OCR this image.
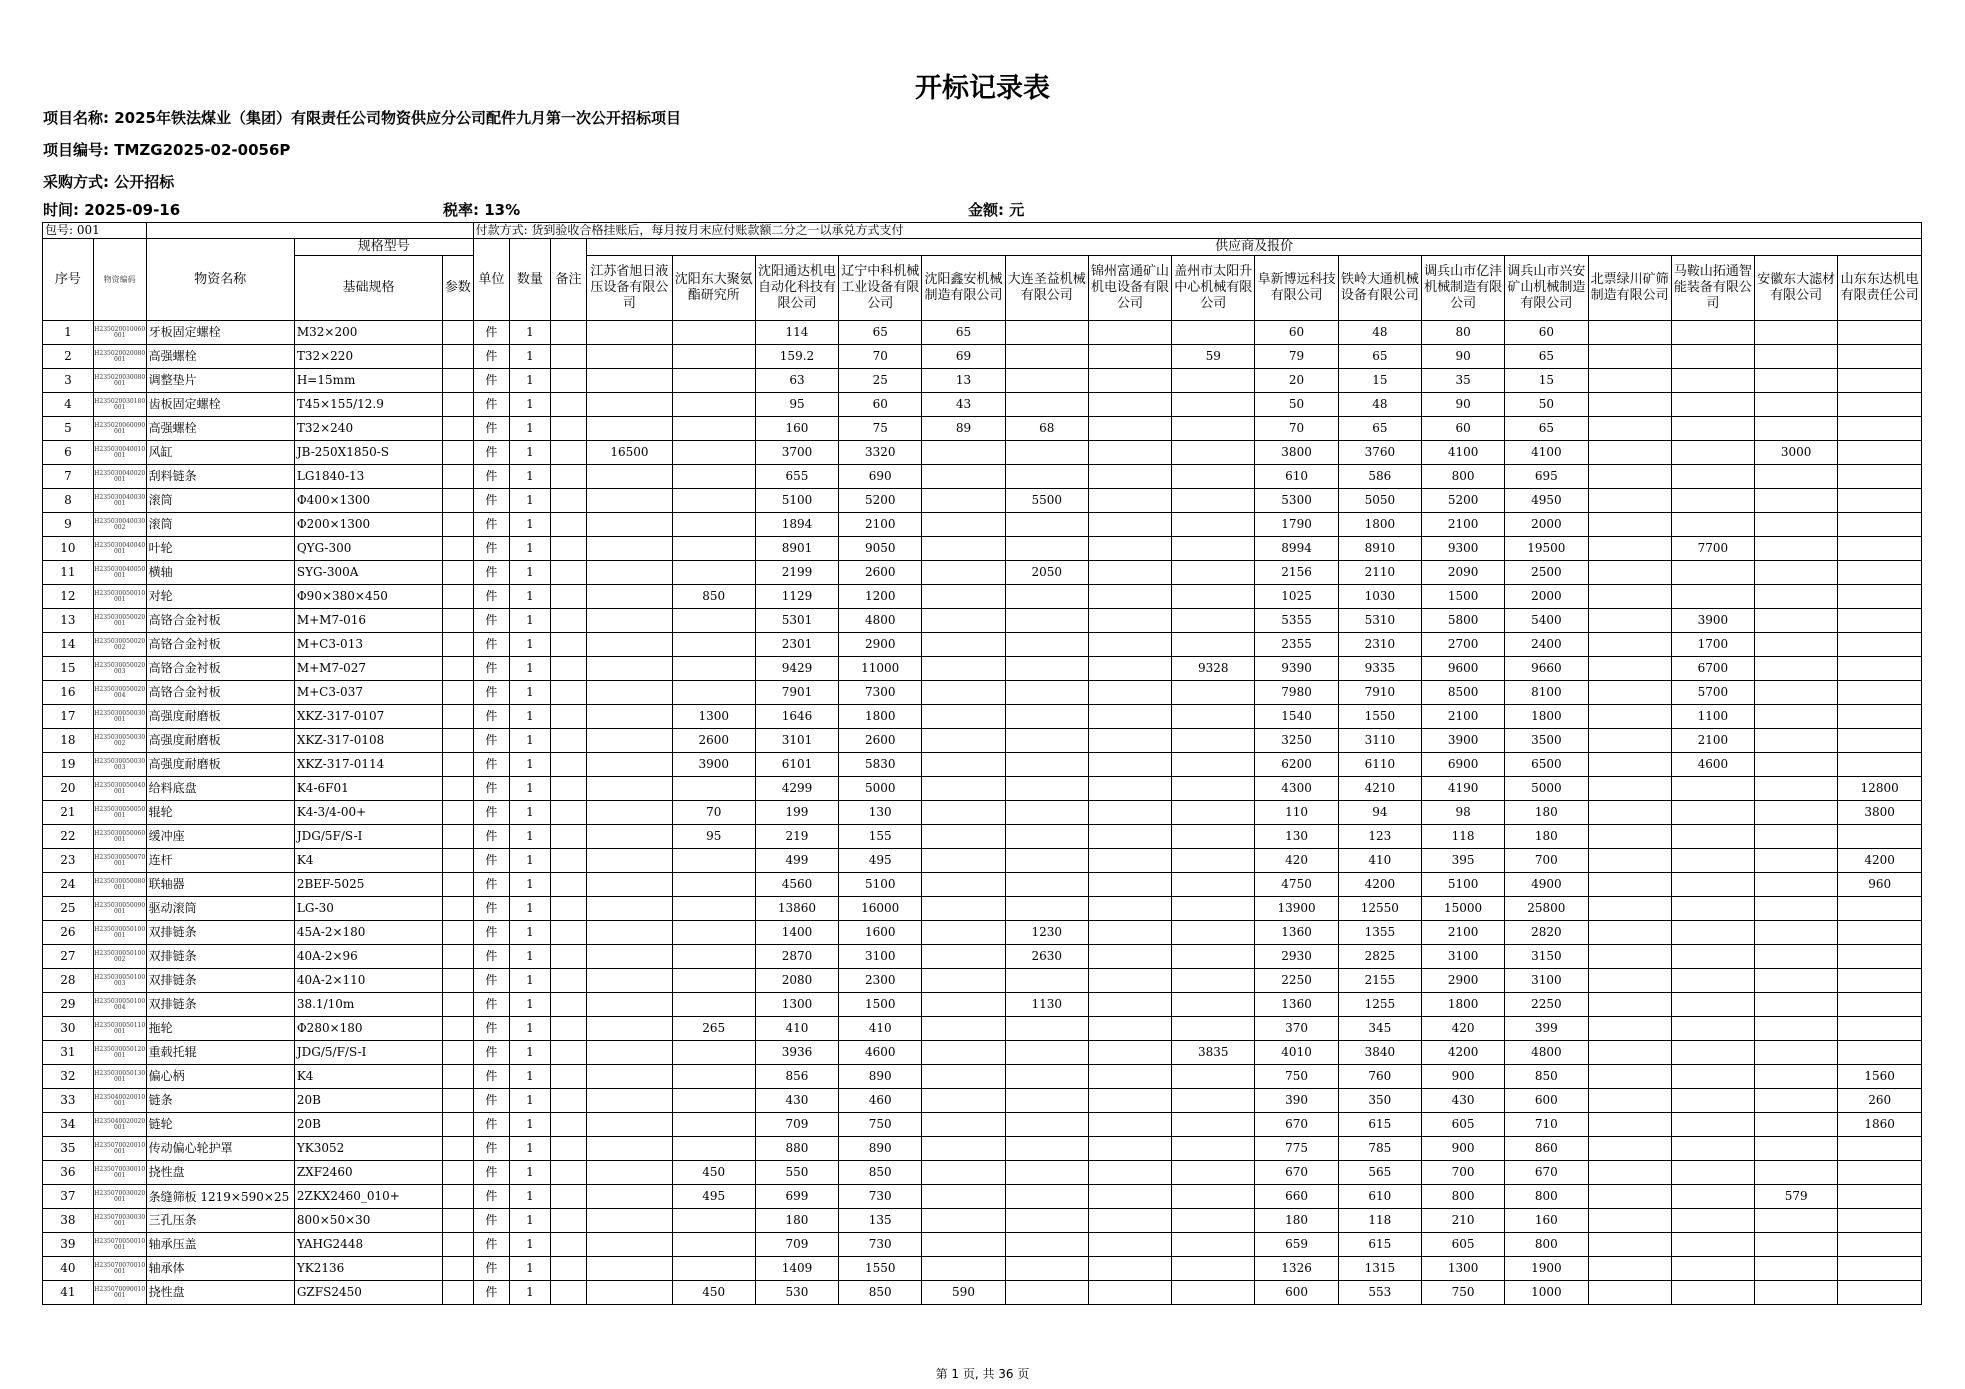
开标记录表
项目名称: 2025年铁法煤业（集团）有限责任公司物资供应分公司配件九月第一次公开招标项目
项目编号: TMZG2025-02-0056P
采购方式: 公开招标
时间: 2025-09-16	税率: 13%	金额: 元
包号: 001					付款方式: 货到验收合格挂账后，每月按月末应付账款额二分之一以承兑方式支付																		
序号	物资编码	物资名称	规格型号		单位	数量	备注	供应商及报价															
			基础规格	参数				江苏省旭日液压设备有限公司	沈阳东大聚氨酯研究所	沈阳通达机电自动化科技有限公司	辽宁中科机械工业设备有限公司	沈阳鑫安机械制造有限公司	大连圣益机械有限公司	锦州富通矿山机电设备有限公司	盖州市太阳升中心机械有限公司	阜新博远科技有限公司	铁岭大通机械设备有限公司	调兵山市亿沣机械制造有限公司	调兵山市兴安矿山机械制造有限公司	北票绿川矿筛制造有限公司	马鞍山拓通智能装备有限公司	安徽东大滤材有限公司	山东东达机电有限责任公司

1	H235020010060001	牙板固定螺栓	M32×200		件	1				114	65	65				60	48	80	60				
2	H235020020080001	高强螺栓	T32×220		件	1				159.2	70	69			59	79	65	90	65				
3	H235020030080001	调整垫片	H=15mm		件	1				63	25	13				20	15	35	15				
4	H235020030180001	齿板固定螺栓	T45×155/12.9		件	1				95	60	43				50	48	90	50				
5	H235020060090001	高强螺栓	T32×240		件	1				160	75	89	68			70	65	60	65				
6	H235030040010001	风缸	JB-250X1850-S		件	1		16500		3700	3320					3800	3760	4100	4100			3000	
7	H235030040020001	刮料链条	LG1840-13		件	1				655	690					610	586	800	695				
8	H235030040030001	滚筒	Φ400×1300		件	1				5100	5200		5500			5300	5050	5200	4950				
9	H235030040030002	滚筒	Φ200×1300		件	1				1894	2100					1790	1800	2100	2000				
10	H235030040040001	叶轮	QYG-300		件	1				8901	9050					8994	8910	9300	19500		7700		
11	H235030040050001	横轴	SYG-300A		件	1				2199	2600		2050			2156	2110	2090	2500				
12	H235030050010001	对轮	Φ90×380×450		件	1			850	1129	1200					1025	1030	1500	2000				
13	H235030050020001	高铬合金衬板	M+M7-016		件	1				5301	4800					5355	5310	5800	5400		3900		
14	H235030050020002	高铬合金衬板	M+C3-013		件	1				2301	2900					2355	2310	2700	2400		1700		
15	H235030050020003	高铬合金衬板	M+M7-027		件	1				9429	11000				9328	9390	9335	9600	9660		6700		
16	H235030050020004	高铬合金衬板	M+C3-037		件	1				7901	7300					7980	7910	8500	8100		5700		
17	H235030050030001	高强度耐磨板	XKZ-317-0107		件	1			1300	1646	1800					1540	1550	2100	1800		1100		
18	H235030050030002	高强度耐磨板	XKZ-317-0108		件	1			2600	3101	2600					3250	3110	3900	3500		2100		
19	H235030050030003	高强度耐磨板	XKZ-317-0114		件	1			3900	6101	5830					6200	6110	6900	6500		4600		
20	H235030050040001	给料底盘	K4-6F01		件	1				4299	5000					4300	4210	4190	5000				12800
21	H235030050050001	辊轮	K4-3/4-00+		件	1			70	199	130					110	94	98	180				3800
22	H235030050060001	缓冲座	JDG/5F/S-I		件	1			95	219	155					130	123	118	180				
23	H235030050070001	连杆	K4		件	1				499	495					420	410	395	700				4200
24	H235030050080001	联轴器	2BEF-5025		件	1				4560	5100					4750	4200	5100	4900				960
25	H235030050090001	驱动滚筒	LG-30		件	1				13860	16000					13900	12550	15000	25800				
26	H235030050100001	双排链条	45A-2×180		件	1				1400	1600		1230			1360	1355	2100	2820				
27	H235030050100002	双排链条	40A-2×96		件	1				2870	3100		2630			2930	2825	3100	3150				
28	H235030050100003	双排链条	40A-2×110		件	1				2080	2300					2250	2155	2900	3100				
29	H235030050100004	双排链条	38.1/10m		件	1				1300	1500		1130			1360	1255	1800	2250				
30	H235030050110001	拖轮	Φ280×180		件	1			265	410	410					370	345	420	399				
31	H235030050120001	重载托辊	JDG/5/F/S-I		件	1				3936	4600				3835	4010	3840	4200	4800				
32	H235030050130001	偏心柄	K4		件	1				856	890					750	760	900	850				1560
33	H235040020010001	链条	20B		件	1				430	460					390	350	430	600				260
34	H235040020020001	链轮	20B		件	1				709	750					670	615	605	710				1860
35	H235070020010001	传动偏心轮护罩	YK3052		件	1				880	890					775	785	900	860				
36	H235070030010001	挠性盘	ZXF2460		件	1			450	550	850					670	565	700	670				
37	H235070030020001	条缝筛板 1219×590×25	2ZKX2460_010+		件	1			495	699	730					660	610	800	800			579	
38	H235070030030001	三孔压条	800×50×30		件	1				180	135					180	118	210	160				
39	H235070050010001	轴承压盖	YAHG2448		件	1				709	730					659	615	605	800				
40	H235070070010001	轴承体	YK2136		件	1				1409	1550					1326	1315	1300	1900				
41	H235070090010001	挠性盘	GZFS2450		件	1			450	530	850	590				600	553	750	1000				
第 1 页, 共 36 页
